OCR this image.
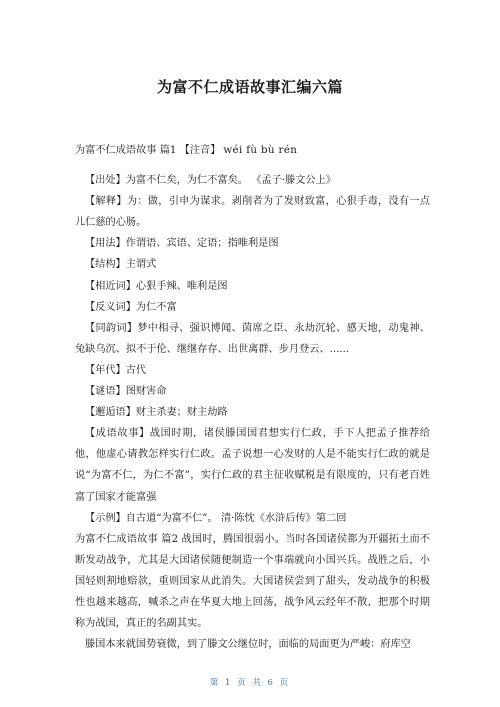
为富不仁成语故事汇编六篇

为富不仁成语故事 篇1 【注音】 wéi fù bù rén

【出处】为富不仁矣，为仁不富矣。 《孟子·滕文公上》

【解释】为：做，引申为谋求。剥削者为了发财致富，心狠手毒，没有一点儿仁慈的心肠。

【用法】作谓语、宾语、定语；指唯利是图

【结构】主谓式

【相近词】心狠手辣、唯利是图

【反义词】为仁不富

【同韵词】梦中相寻、强识博闻、茵席之臣、永劫沉轮、感天地，动鬼神、兔缺乌沉、拟不于伦、继继存存、出世离群、步月登云、......

【年代】古代

【谜语】图财害命

【邂逅语】财主杀妻；财主劫路

【成语故事】战国时期，诸侯滕国国君想实行仁政，手下人把孟子推荐给他，他虚心请教怎样实行仁政。孟子说想一心发财的人是不能实行仁政的就是说“为富不仁，为仁不富”，实行仁政的君主征收赋税是有限度的，只有老百姓富了国家才能富强

【示例】自古道“为富不仁”。 清·陈忱《水浒后传》第二回

为富不仁成语故事 篇2 战国时，腾国很弱小。当时各国诸侯都为开疆拓土而不断发动战争，尤其是大国诸侯随便制造一个事端就向小国兴兵。战胜之后，小国轻则割地赔款，重则国家从此消失。大国诸侯尝到了甜头，发动战争的积极性也越来越高，喊杀之声在华夏大地上回荡，战争风云经年不散，把那个时期称为战国，真正的名副其实。

滕国本来就国势衰微，到了滕文公继位时，面临的局面更为严峻：府库空

第 1 页 共 6 页
